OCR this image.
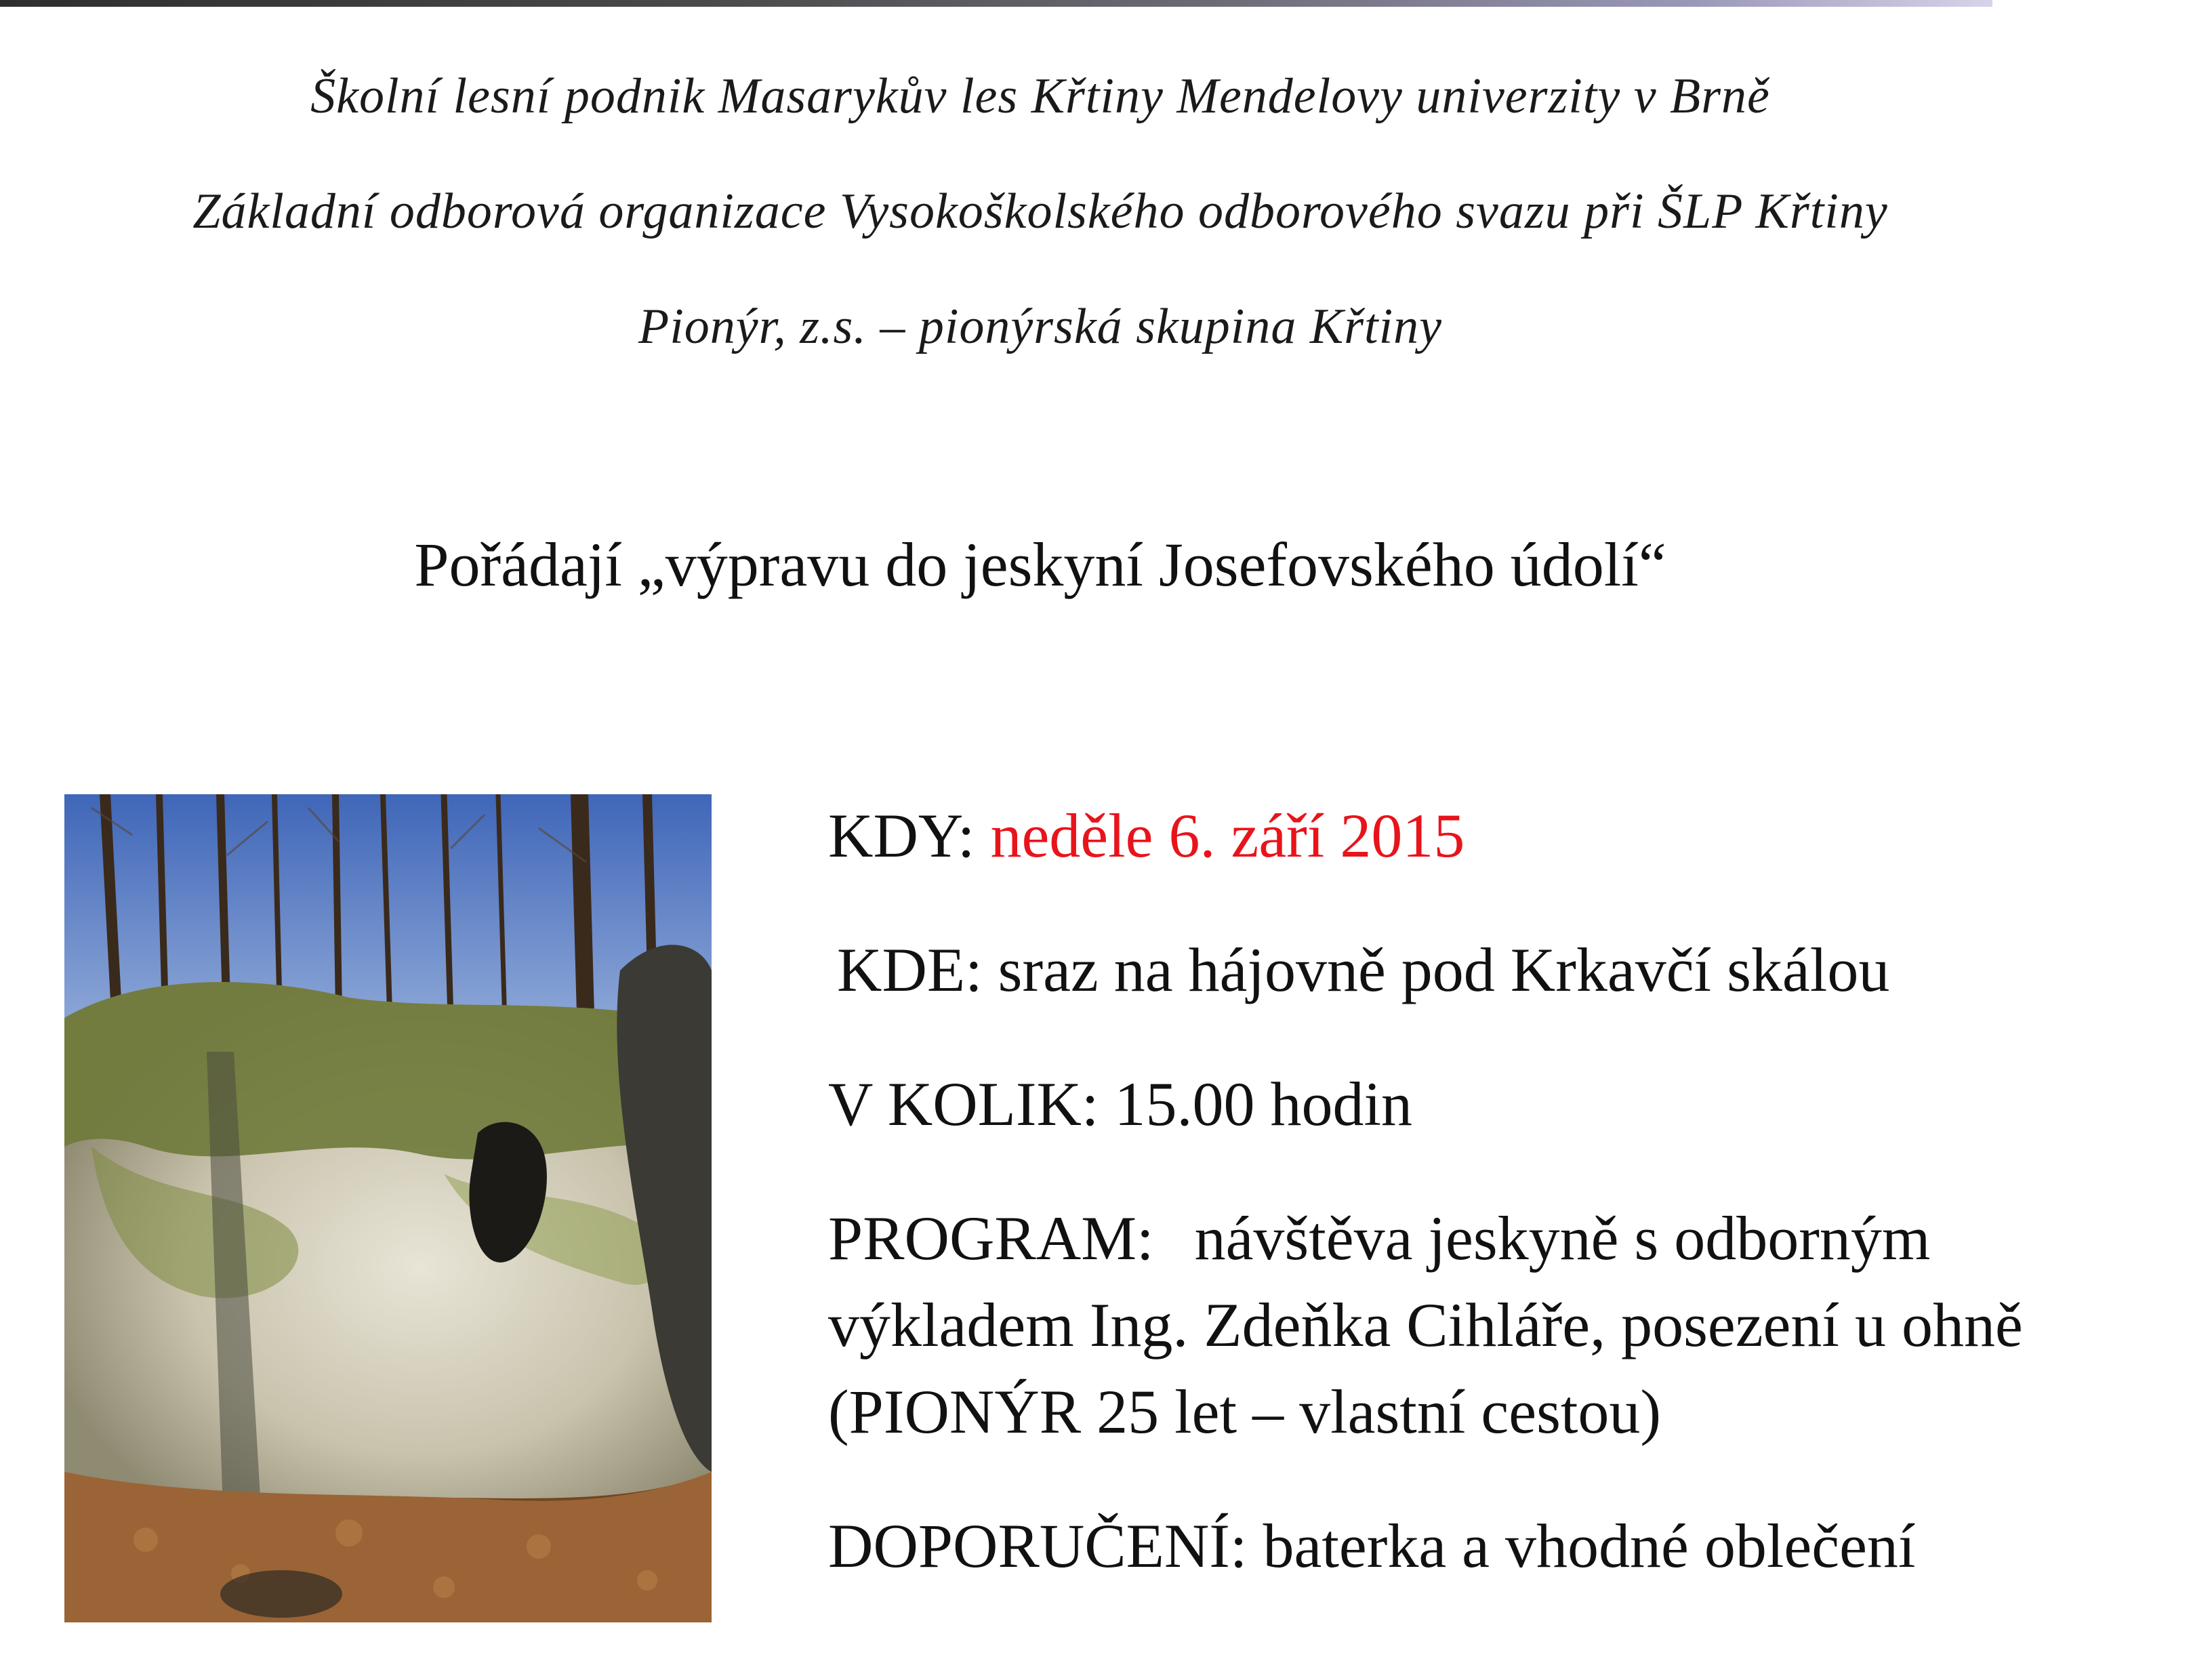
Školní lesní podnik Masarykův les Křtiny Mendelovy univerzity v Brně
Základní odborová organizace Vysokoškolského odborového svazu při ŠLP Křtiny
Pionýr, z.s. – pionýrská skupina Křtiny
Pořádají „výpravu do jeskyní Josefovského údolí“
KDY: neděle 6. září 2015
KDE: sraz na hájovně pod Krkavčí skálou
V KOLIK: 15.00 hodin
PROGRAM: návštěva jeskyně s odborným
výkladem Ing. Zdeňka Cihláře, posezení u ohně
(PIONÝR 25 let – vlastní cestou)
DOPORUČENÍ: baterka a vhodné oblečení
